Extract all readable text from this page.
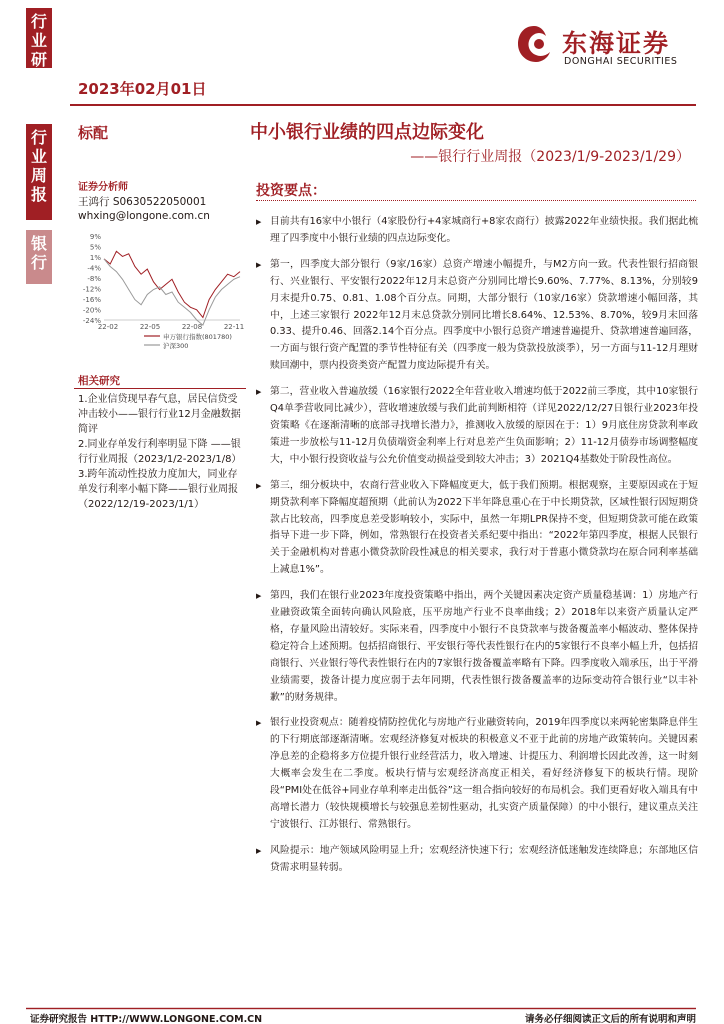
行业研究
行业周报
银行
2023年02月01日
东海证券
DONGHAI SECURITIES
标配	中小银行业绩的四点边际变化
——银行行业周报（2023/1/9-2023/1/29）
证券分析师
王鸿行 S0630522050001
whxing@longone.com.cn
9%
5%
1%
-4%
-8%
-12%
-16%
-20%
-24%
22-02	22-05	22-08	22-11
申万银行指数(801780)
沪深300
相关研究
1.企业信贷现早春气息，居民信贷受冲击较小——银行行业12月金融数据简评
2.同业存单发行利率明显下降 ——银行行业周报（2023/1/2-2023/1/8）
3.跨年流动性投放力度加大，同业存单发行利率小幅下降——银行业周报（2022/12/19-2023/1/1）
投资要点：
▶ 目前共有16家中小银行（4家股份行+4家城商行+8家农商行）披露2022年业绩快报。我们据此梳理了四季度中小银行业绩的四点边际变化。
▶ 第一，四季度大部分银行（9家/16家）总资产增速小幅提升，与M2方向一致。代表性银行招商银行、兴业银行、平安银行2022年12月末总资产分别同比增长9.60%、7.77%、8.13%，分别较9月末提升0.75、0.81、1.08个百分点。同期，大部分银行（10家/16家）贷款增速小幅回落，其中，上述三家银行 2022年12月末总贷款分别同比增长8.64%、12.53%、8.70%，较9月末回落0.33、提升0.46、回落2.14个百分点。四季度中小银行总资产增速普遍提升、贷款增速普遍回落，一方面与银行资产配置的季节性特征有关（四季度一般为贷款投放淡季），另一方面与11-12月理财赎回潮中，票内投资类资产配置力度边际提升有关。
▶ 第二，营业收入普遍放缓（16家银行2022全年营业收入增速均低于2022前三季度，其中10家银行Q4单季营收同比减少），营收增速放缓与我们此前判断相符（详见2022/12/27日银行业2023年投资策略《在逐渐清晰的底部寻找增长潜力》，推测收入放缓的原因在于：1）9月底住房贷款利率政策进一步放松与11-12月负债端资金利率上行对息差产生负面影响；2）11-12月债券市场调整幅度大，中小银行投资收益与公允价值变动损益受到较大冲击；3）2021Q4基数处于阶段性高位。
▶ 第三，细分板块中，农商行营业收入下降幅度更大，低于我们预期。根据观察，主要原因或在于短期贷款利率下降幅度超预期（此前认为2022下半年降息重心在于中长期贷款，区域性银行因短期贷款占比较高，四季度息差受影响较小，实际中，虽然一年期LPR保持不变，但短期贷款可能在政策指导下进一步下降，例如，常熟银行在投资者关系纪要中指出：“2022年第四季度，根据人民银行关于金融机构对普惠小微贷款阶段性减息的相关要求，我行对于普惠小微贷款均在原合同利率基础上减息1%”。
▶ 第四，我们在银行业2023年度投资策略中指出，两个关键因素决定资产质量稳基调：1）房地产行业融资政策全面转向确认风险底，压平房地产行业不良率曲线；2）2018年以来资产质量认定严格，存量风险出清较好。实际来看，四季度中小银行不良贷款率与拨备覆盖率小幅波动、整体保持稳定符合上述预期。包括招商银行、平安银行等代表性银行在内的5家银行不良率小幅上升，包括招商银行、兴业银行等代表性银行在内的7家银行拨备覆盖率略有下降。四季度收入端承压，出于平滑业绩需要，拨备计提力度应弱于去年同期，代表性银行拨备覆盖率的边际变动符合银行业“以丰补歉”的财务规律。
▶ 银行业投资观点：随着疫情防控优化与房地产行业融资转向，2019年四季度以来两轮密集降息伴生的下行期底部逐渐清晰。宏观经济修复对板块的积极意义不亚于此前的房地产政策转向。关键因素净息差的企稳将多方位提升银行业经营活力，收入增速、计提压力、利润增长因此改善，这一时刻大概率会发生在二季度。板块行情与宏观经济高度正相关，看好经济修复下的板块行情。现阶段“PMI处在低谷+同业存单利率走出低谷”这一组合指向较好的布局机会。我们更看好收入端具有中高增长潜力（较快规模增长与较强息差韧性驱动，扎实资产质量保障）的中小银行，建议重点关注宁波银行、江苏银行、常熟银行。
▶ 风险提示：地产领域风险明显上升；宏观经济快速下行；宏观经济低迷触发连续降息；东部地区信贷需求明显转弱。
证券研究报告 HTTP://WWW.LONGONE.COM.CN	请务必仔细阅读正文后的所有说明和声明
